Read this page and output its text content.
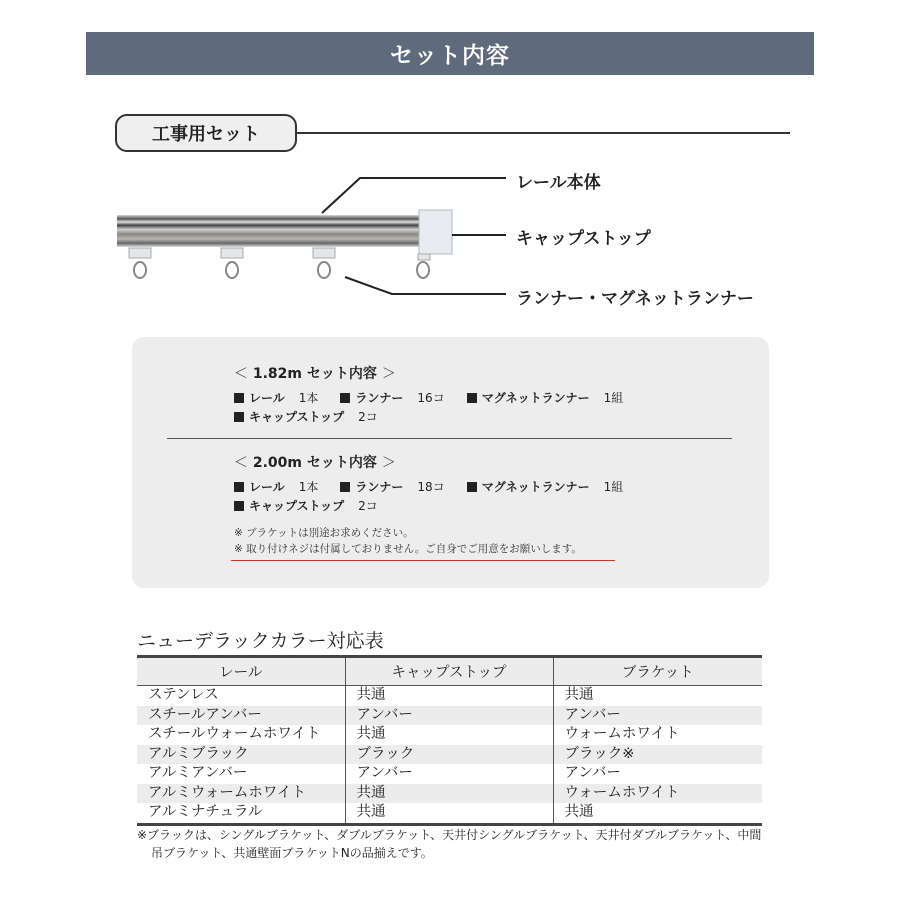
セット内容
工事用セット
レール本体
キャップストップ
ランナー・マグネットランナー
＜ 1.82m セット内容 ＞
レール 1本	ランナー 16コ	マグネットランナー 1組
キャップストップ 2コ
＜ 2.00m セット内容 ＞
レール 1本	ランナー 18コ	マグネットランナー 1組
キャップストップ 2コ
※ ブラケットは別途お求めください。
※ 取り付けネジは付属しておりません。ご自身でご用意をお願いします。
ニューデラックカラー対応表
レール	キャップストップ	ブラケット
ステンレス	共通	共通
スチールアンバー	アンバー	アンバー
スチールウォームホワイト	共通	ウォームホワイト
アルミブラック	ブラック	ブラック※
アルミアンバー	アンバー	アンバー
アルミウォームホワイト	共通	ウォームホワイト
アルミナチュラル	共通	共通
※ブラックは、シングルブラケット、ダブルブラケット、天井付シングルブラケット、天井付ダブルブラケット、中間
吊ブラケット、共通壁面ブラケットNの品揃えです。
